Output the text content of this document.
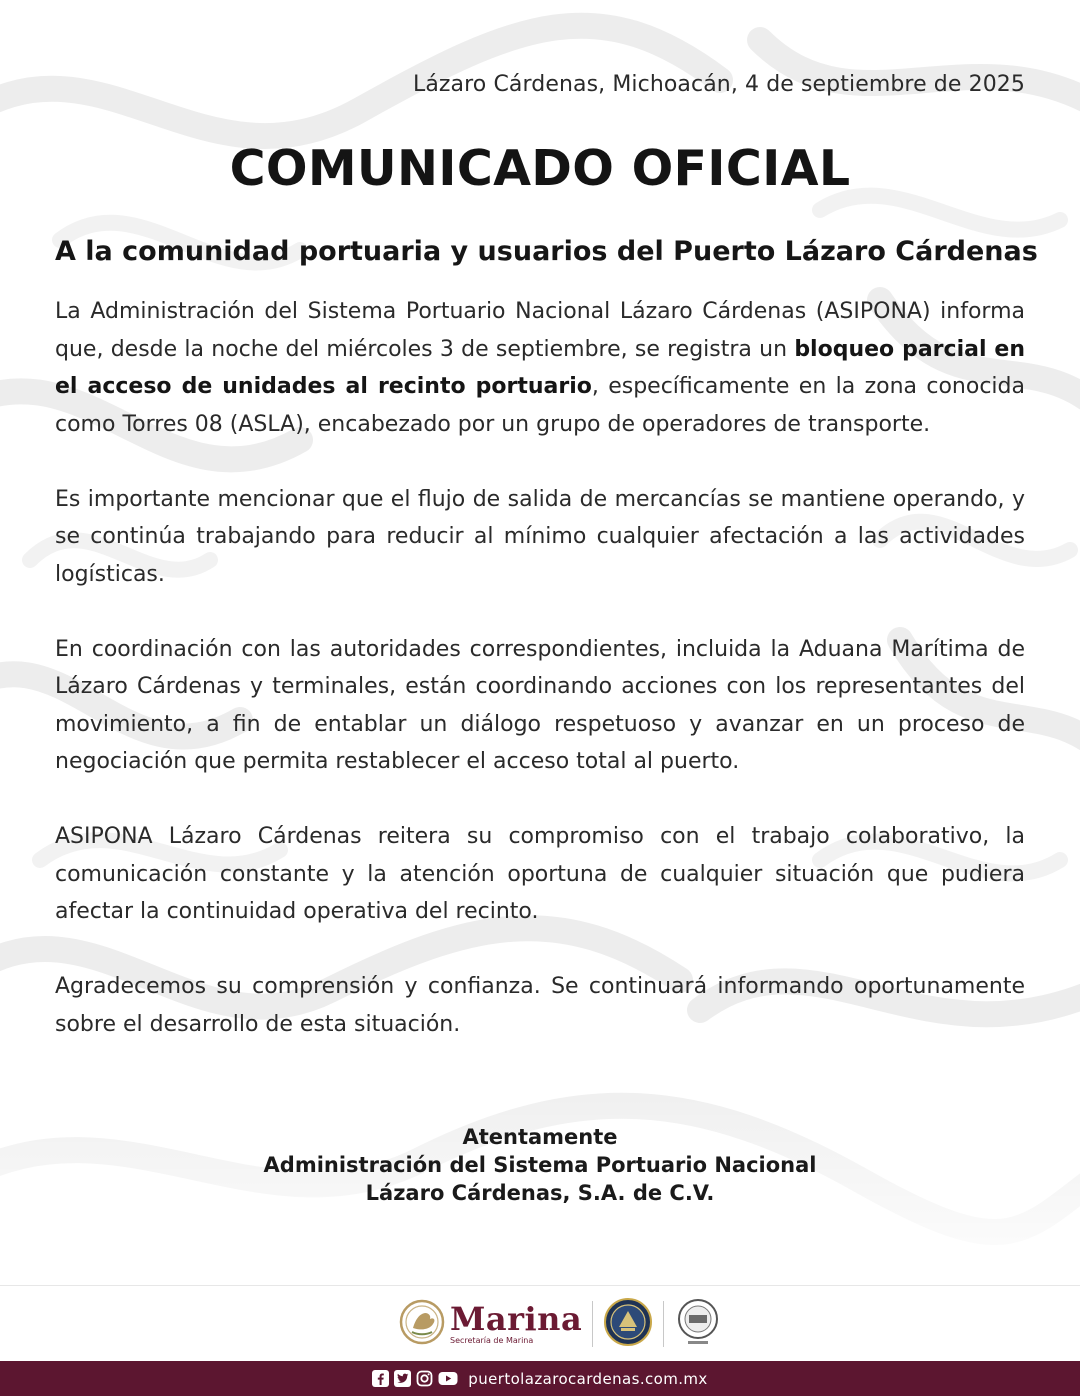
Lázaro Cárdenas, Michoacán, 4 de septiembre de 2025
COMUNICADO OFICIAL
A la comunidad portuaria y usuarios del Puerto Lázaro Cárdenas

La Administración del Sistema Portuario Nacional Lázaro Cárdenas (ASIPONA) informa que, desde la noche del miércoles 3 de septiembre, se registra un bloqueo parcial en el acceso de unidades al recinto portuario, específicamente en la zona conocida como Torres 08 (ASLA), encabezado por un grupo de operadores de transporte.

Es importante mencionar que el flujo de salida de mercancías se mantiene operando, y se continúa trabajando para reducir al mínimo cualquier afectación a las actividades logísticas.

En coordinación con las autoridades correspondientes, incluida la Aduana Marítima de Lázaro Cárdenas y terminales, están coordinando acciones con los representantes del movimiento, a fin de entablar un diálogo respetuoso y avanzar en un proceso de negociación que permita restablecer el acceso total al puerto.

ASIPONA Lázaro Cárdenas reitera su compromiso con el trabajo colaborativo, la comunicación constante y la atención oportuna de cualquier situación que pudiera afectar la continuidad operativa del recinto.

Agradecemos su comprensión y confianza. Se continuará informando oportunamente sobre el desarrollo de esta situación.

Atentamente
Administración del Sistema Portuario Nacional
Lázaro Cárdenas, S.A. de C.V.
Marina
Secretaría de Marina
puertolazarocardenas.com.mx
